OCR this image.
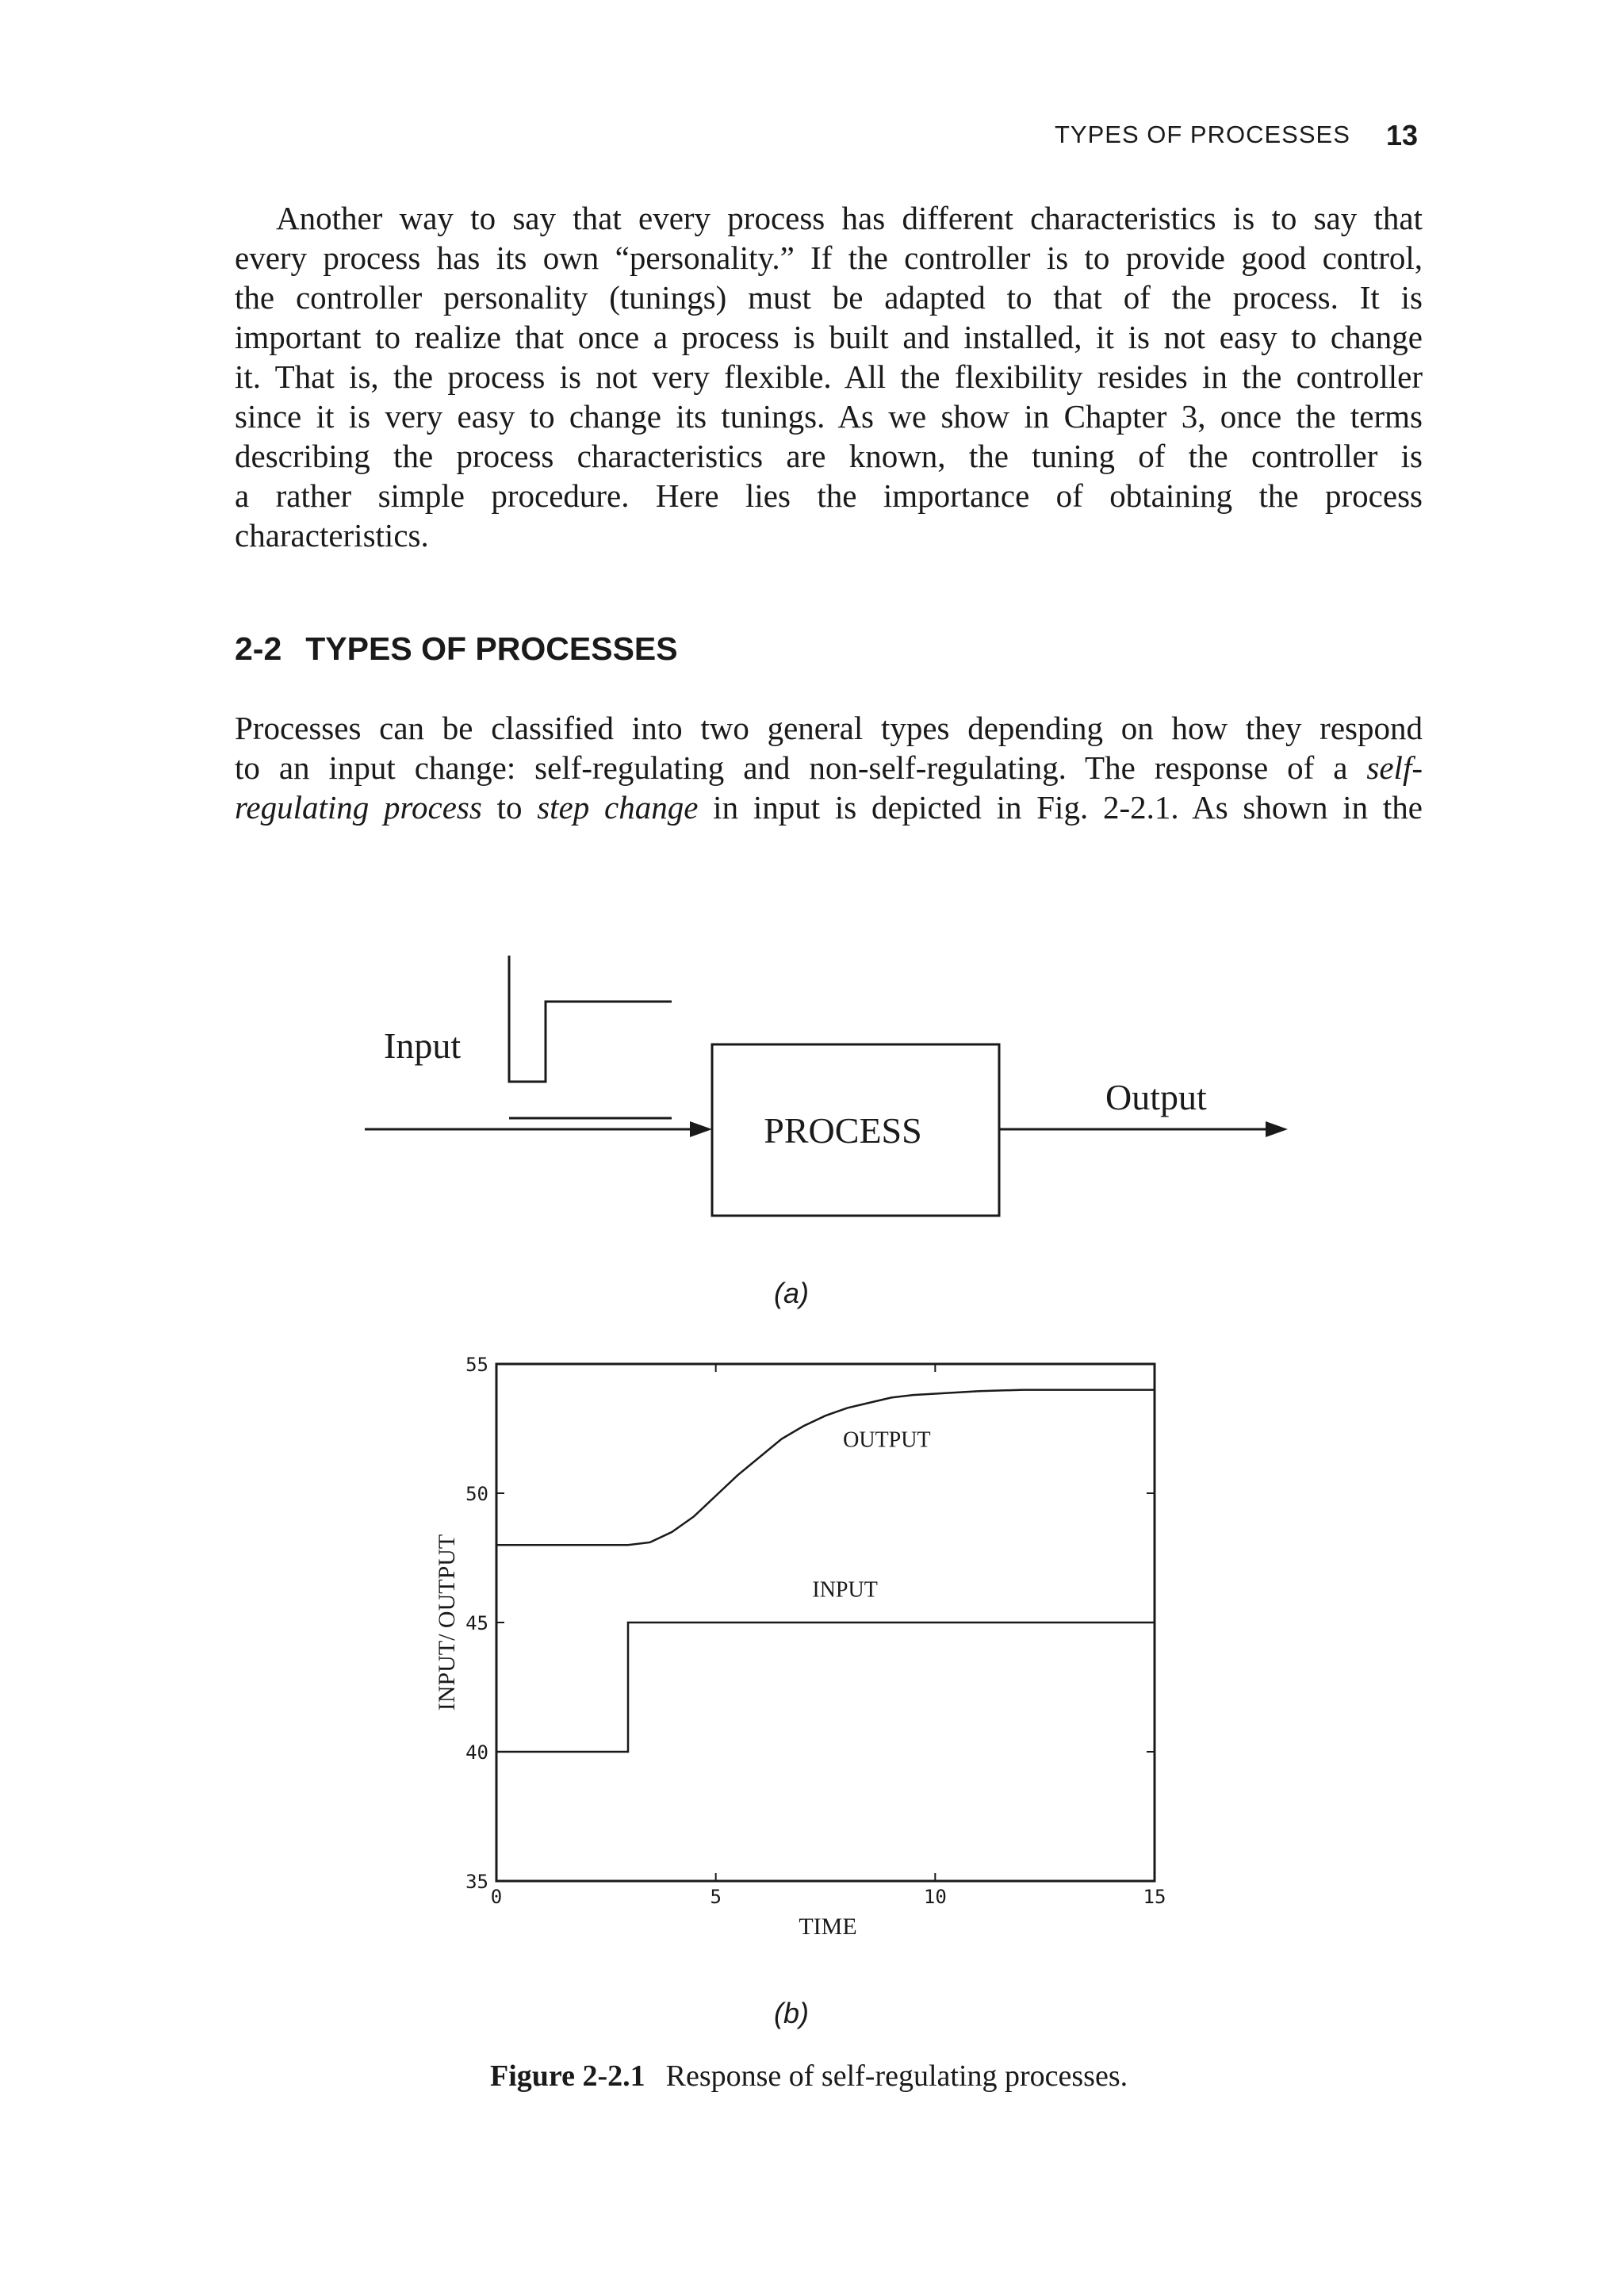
TYPES OF PROCESSES 13
Another way to say that every process has different characteristics is to say that
every process has its own “personality.” If the controller is to provide good control,
the controller personality (tunings) must be adapted to that of the process. It is
important to realize that once a process is built and installed, it is not easy to change
it. That is, the process is not very flexible. All the flexibility resides in the controller
since it is very easy to change its tunings. As we show in Chapter 3, once the terms
describing the process characteristics are known, the tuning of the controller is
a rather simple procedure. Here lies the importance of obtaining the process
characteristics.
2-2 TYPES OF PROCESSES
Processes can be classified into two general types depending on how they respond
to an input change: self-regulating and non-self-regulating. The response of a self-
regulating process to step change in input is depicted in Fig. 2-2.1. As shown in the
Input
PROCESS
Output
(a)
35
40
45
50
55
0	5	10	15
OUTPUT
INPUT
TIME
INPUT/ OUTPUT
(b)
Figure 2-2.1 Response of self-regulating processes.
